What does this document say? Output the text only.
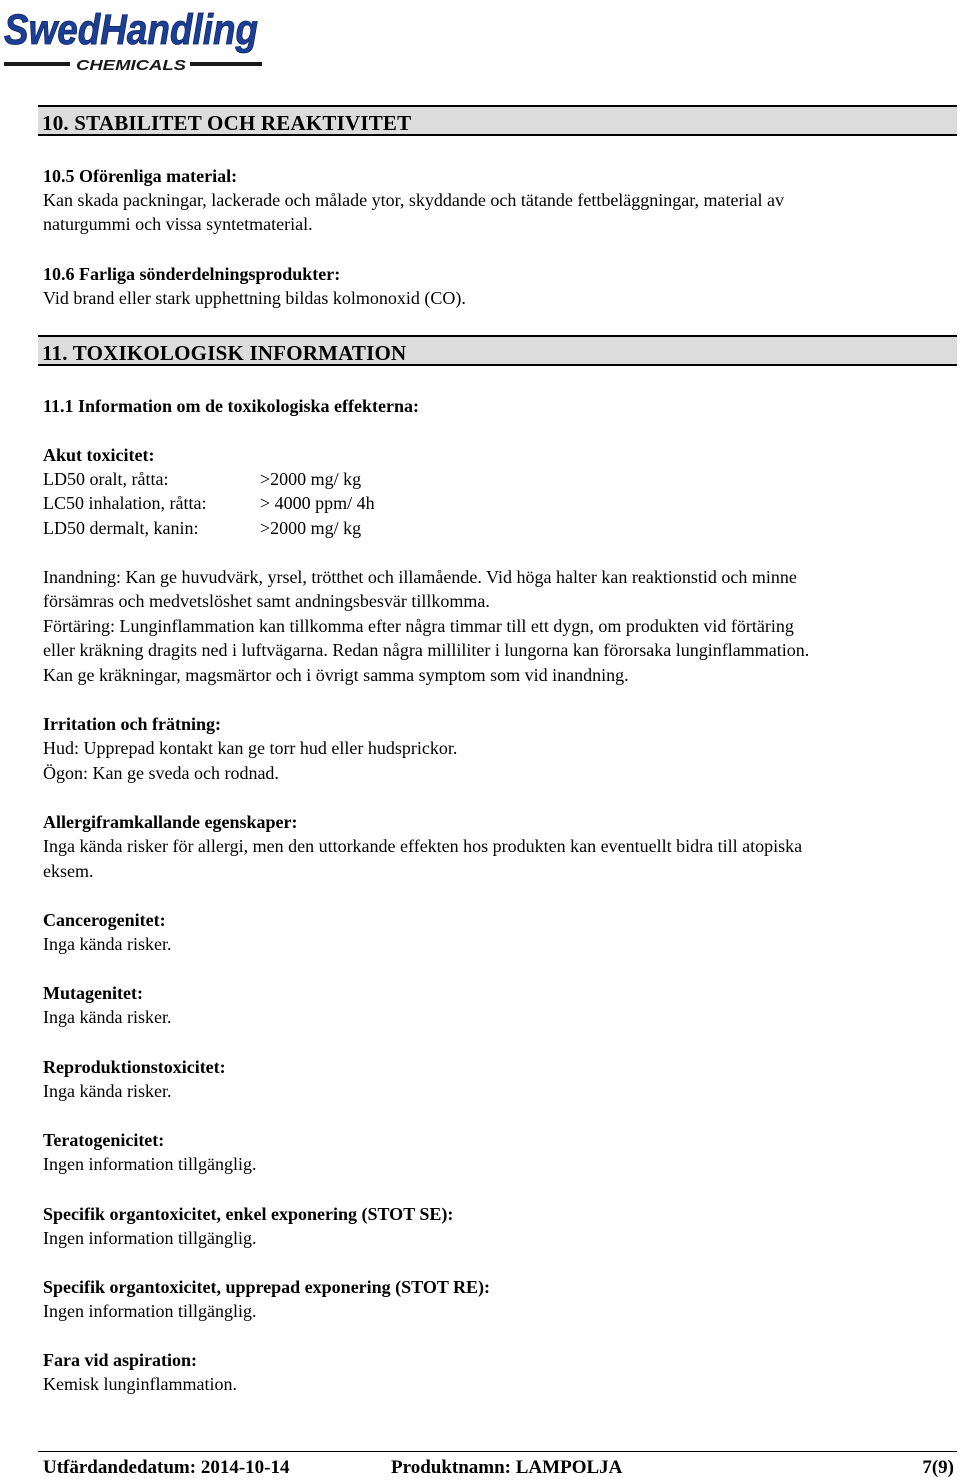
SwedHandling
CHEMICALS
10. STABILITET OCH REAKTIVITET
10.5 Oförenliga material:
Kan skada packningar, lackerade och målade ytor, skyddande och tätande fettbeläggningar, material av
naturgummi och vissa syntetmaterial.
10.6 Farliga sönderdelningsprodukter:
Vid brand eller stark upphettning bildas kolmonoxid (CO).
11. TOXIKOLOGISK INFORMATION
11.1 Information om de toxikologiska effekterna:
Akut toxicitet:
LD50 oralt, råtta:	>2000 mg/ kg
LC50 inhalation, råtta:	> 4000 ppm/ 4h
LD50 dermalt, kanin:	>2000 mg/ kg
Inandning: Kan ge huvudvärk, yrsel, trötthet och illamående. Vid höga halter kan reaktionstid och minne
försämras och medvetslöshet samt andningsbesvär tillkomma.
Förtäring: Lunginflammation kan tillkomma efter några timmar till ett dygn, om produkten vid förtäring
eller kräkning dragits ned i luftvägarna. Redan några milliliter i lungorna kan förorsaka lunginflammation.
Kan ge kräkningar, magsmärtor och i övrigt samma symptom som vid inandning.
Irritation och frätning:
Hud: Upprepad kontakt kan ge torr hud eller hudsprickor.
Ögon: Kan ge sveda och rodnad.
Allergiframkallande egenskaper:
Inga kända risker för allergi, men den uttorkande effekten hos produkten kan eventuellt bidra till atopiska
eksem.
Cancerogenitet:
Inga kända risker.
Mutagenitet:
Inga kända risker.
Reproduktionstoxicitet:
Inga kända risker.
Teratogenicitet:
Ingen information tillgänglig.
Specifik organtoxicitet, enkel exponering (STOT SE):
Ingen information tillgänglig.
Specifik organtoxicitet, upprepad exponering (STOT RE):
Ingen information tillgänglig.
Fara vid aspiration:
Kemisk lunginflammation.
Utfärdandedatum: 2014-10-14	Produktnamn: LAMPOLJA	7(9)
